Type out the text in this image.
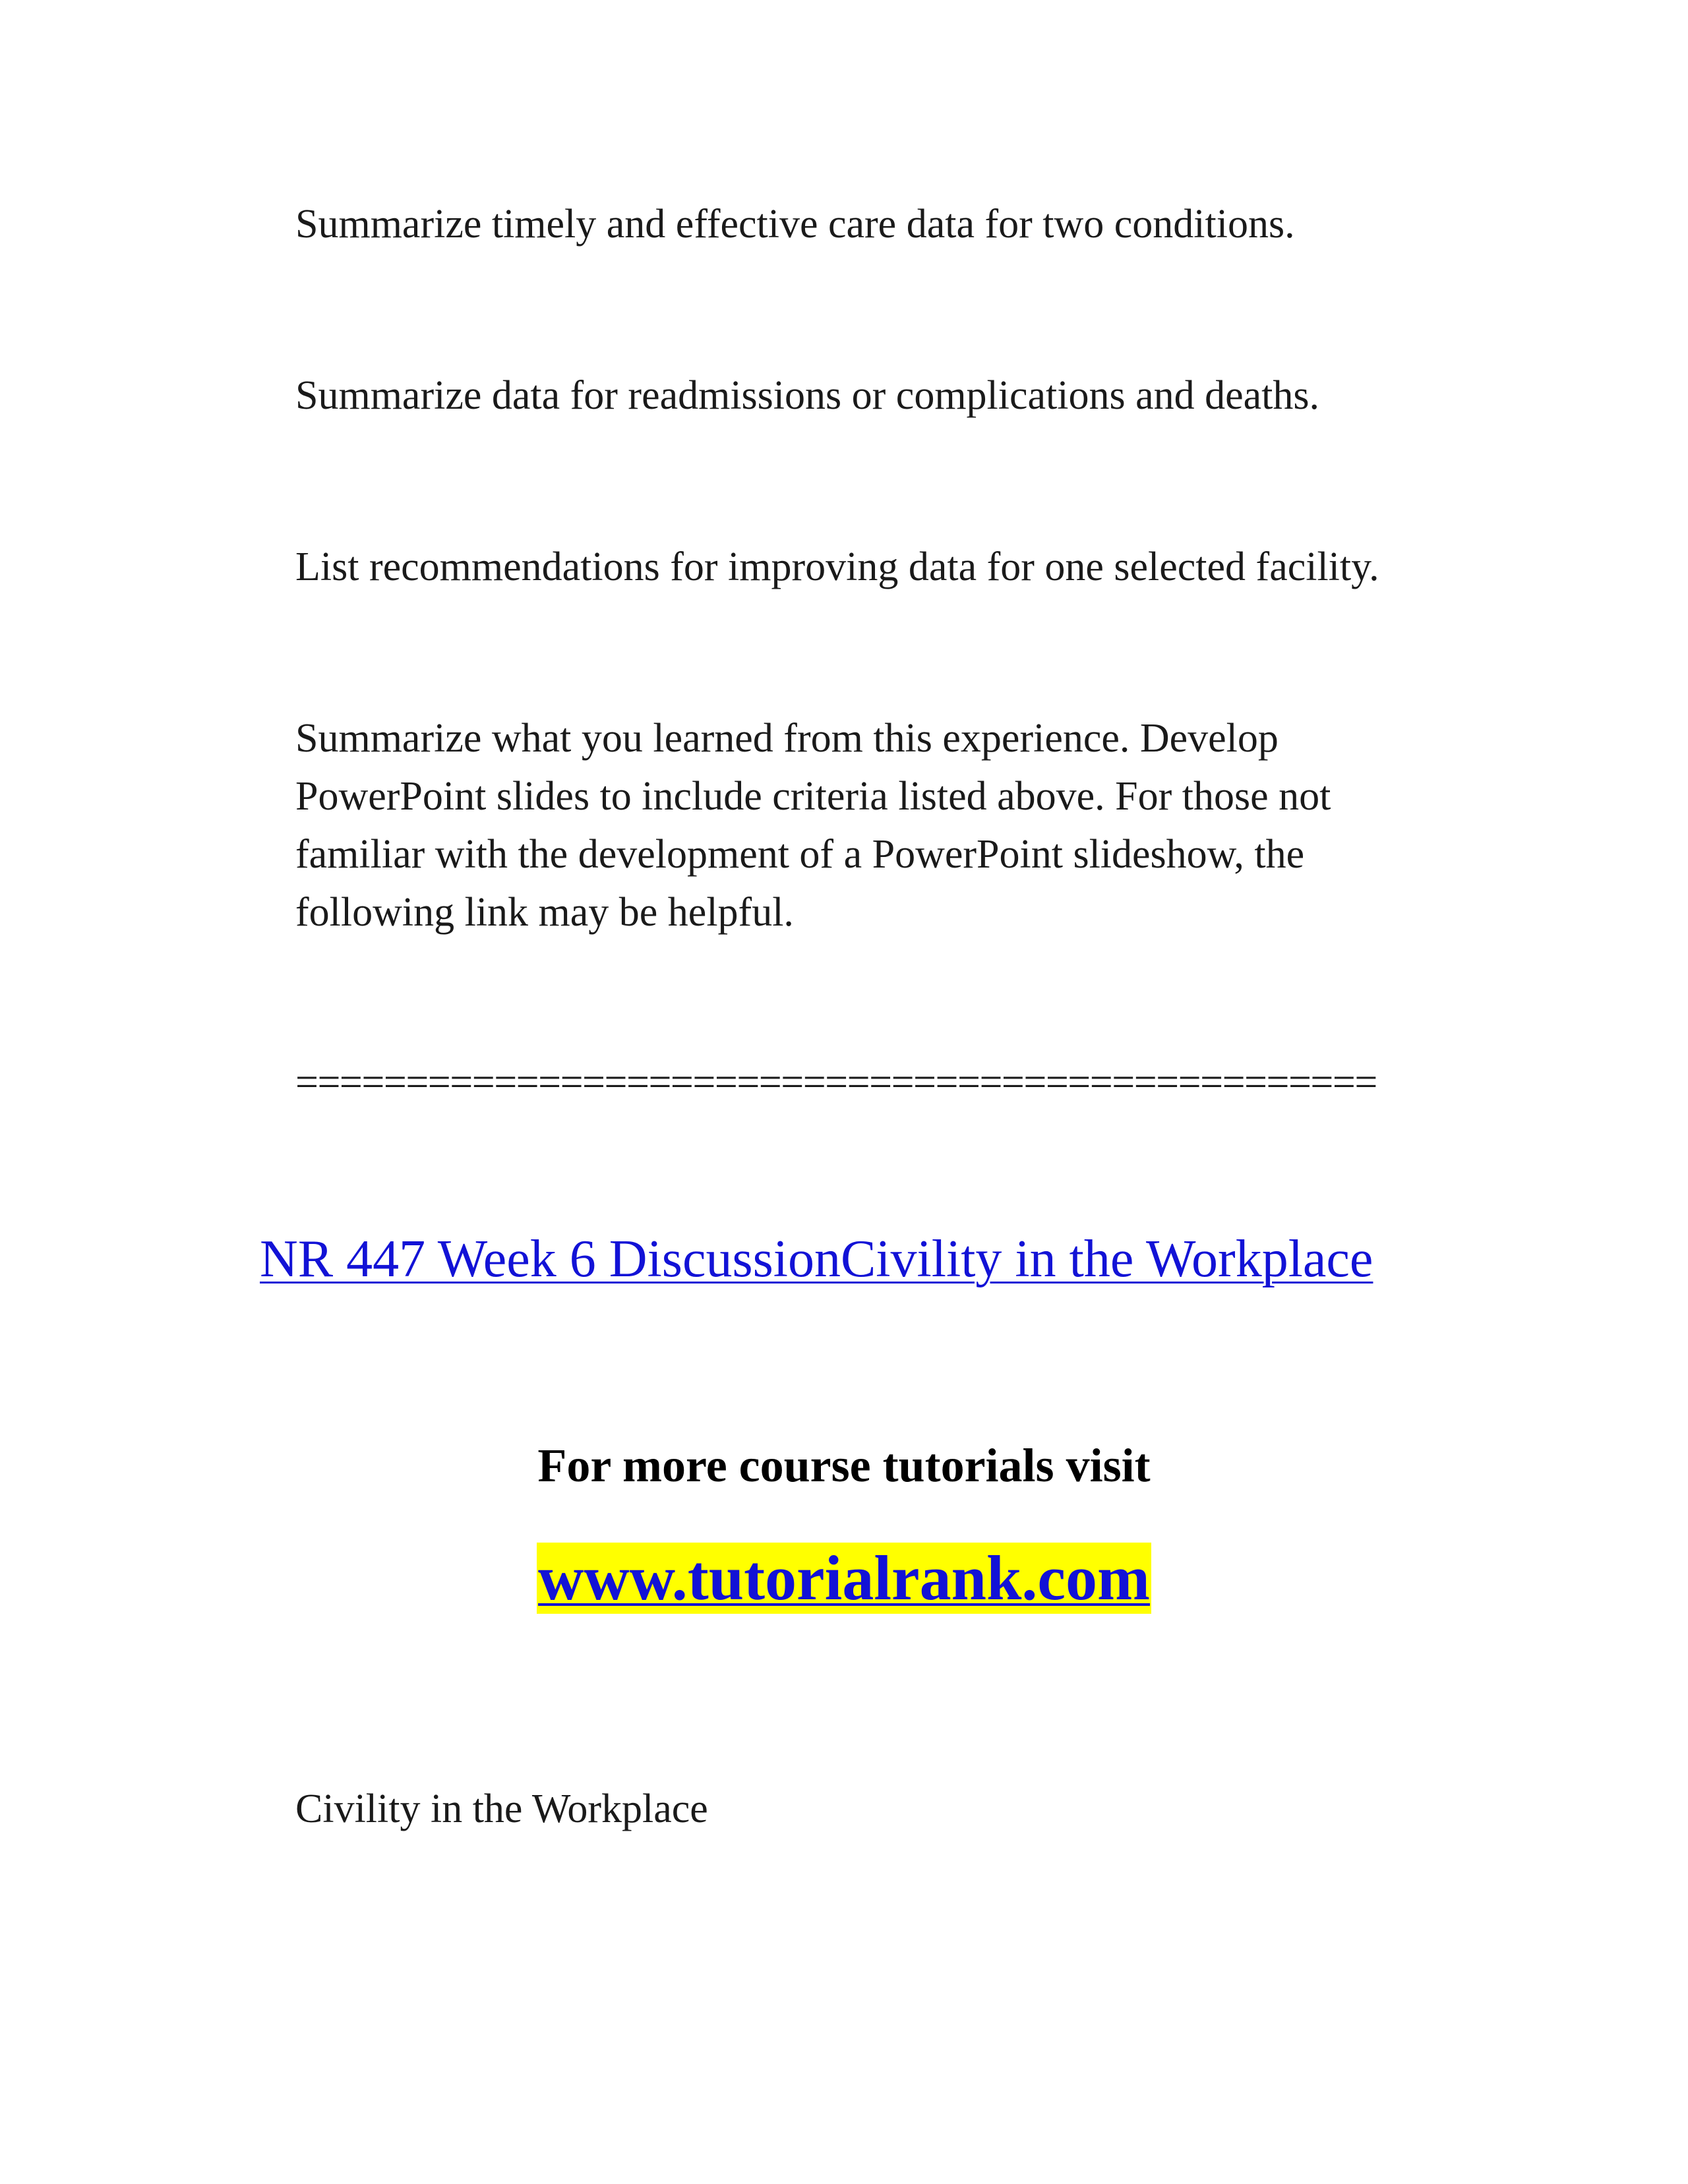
Summarize timely and effective care data for two conditions.

Summarize data for readmissions or complications and deaths.

List recommendations for improving data for one selected facility.

Summarize what you learned from this experience. Develop
PowerPoint slides to include criteria listed above. For those not
familiar with the development of a PowerPoint slideshow, the
following link may be helpful.

=================================================

NR 447 Week 6 DiscussionCivility in the Workplace

For more course tutorials visit

www.tutorialrank.com

Civility in the Workplace
